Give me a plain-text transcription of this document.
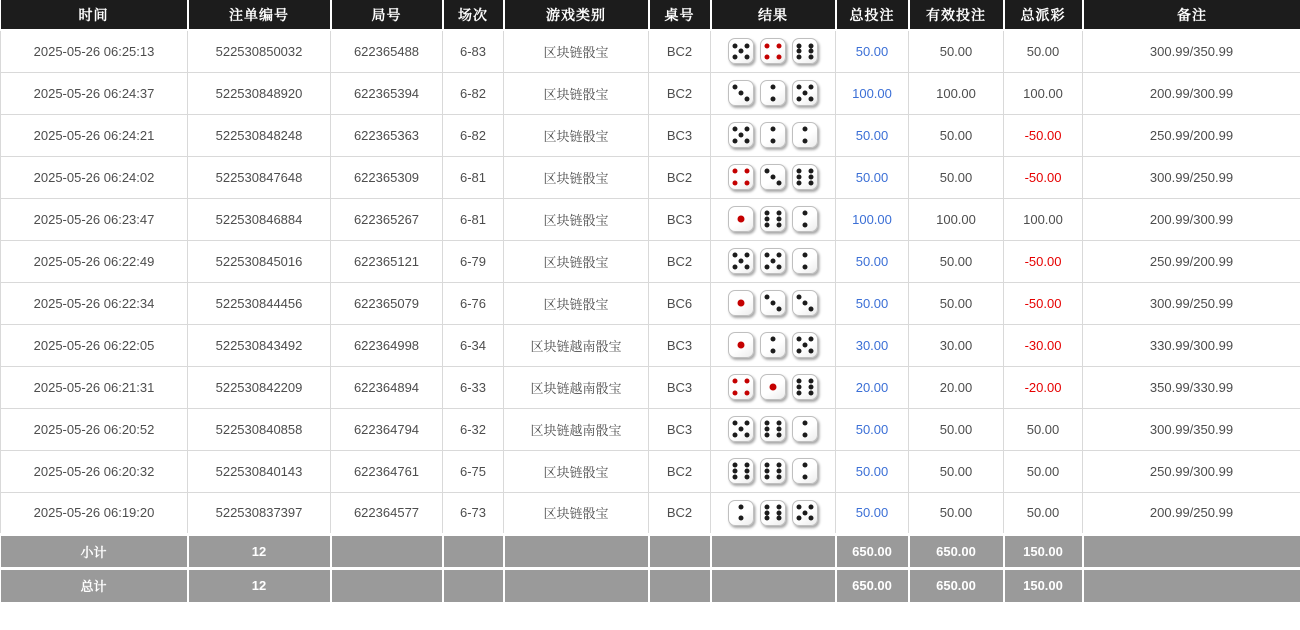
时间	注单编号	局号	场次	游戏类别	桌号	结果	总投注	有效投注	总派彩	备注
2025-05-26 06:25:13	522530850032	622365488	6-83	区块链骰宝	BC2		50.00	50.00	50.00	300.99/350.99
2025-05-26 06:24:37	522530848920	622365394	6-82	区块链骰宝	BC2		100.00	100.00	100.00	200.99/300.99
2025-05-26 06:24:21	522530848248	622365363	6-82	区块链骰宝	BC3		50.00	50.00	-50.00	250.99/200.99
2025-05-26 06:24:02	522530847648	622365309	6-81	区块链骰宝	BC2		50.00	50.00	-50.00	300.99/250.99
2025-05-26 06:23:47	522530846884	622365267	6-81	区块链骰宝	BC3		100.00	100.00	100.00	200.99/300.99
2025-05-26 06:22:49	522530845016	622365121	6-79	区块链骰宝	BC2		50.00	50.00	-50.00	250.99/200.99
2025-05-26 06:22:34	522530844456	622365079	6-76	区块链骰宝	BC6		50.00	50.00	-50.00	300.99/250.99
2025-05-26 06:22:05	522530843492	622364998	6-34	区块链越南骰宝	BC3		30.00	30.00	-30.00	330.99/300.99
2025-05-26 06:21:31	522530842209	622364894	6-33	区块链越南骰宝	BC3		20.00	20.00	-20.00	350.99/330.99
2025-05-26 06:20:52	522530840858	622364794	6-32	区块链越南骰宝	BC3		50.00	50.00	50.00	300.99/350.99
2025-05-26 06:20:32	522530840143	622364761	6-75	区块链骰宝	BC2		50.00	50.00	50.00	250.99/300.99
2025-05-26 06:19:20	522530837397	622364577	6-73	区块链骰宝	BC2		50.00	50.00	50.00	200.99/250.99
小计	12						650.00	650.00	150.00	
总计	12						650.00	650.00	150.00	
